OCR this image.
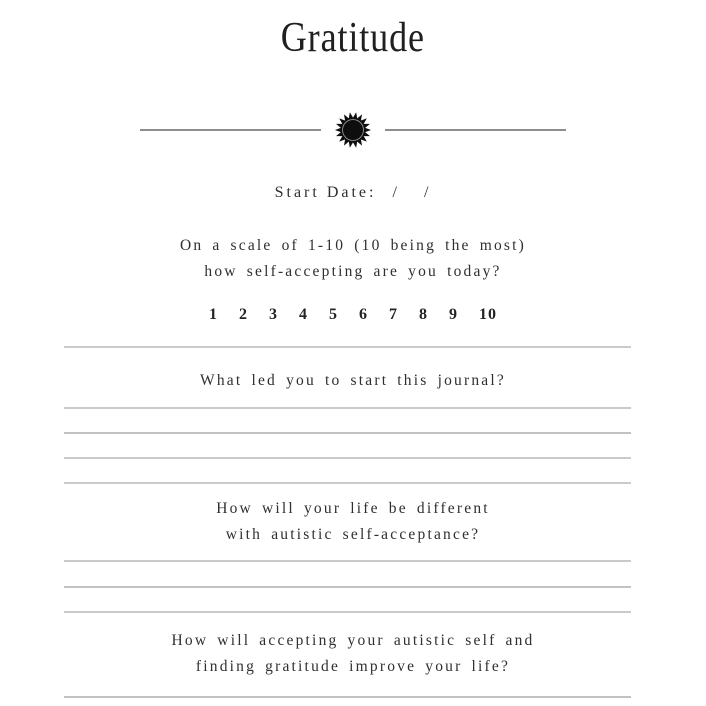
Gratitude
Start Date: / /
On a scale of 1-10 (10 being the most)
how self-accepting are you today?
1 2 3 4 5 6 7 8 9 10
What led you to start this journal?
How will your life be different
with autistic self-acceptance?
How will accepting your autistic self and
finding gratitude improve your life?
